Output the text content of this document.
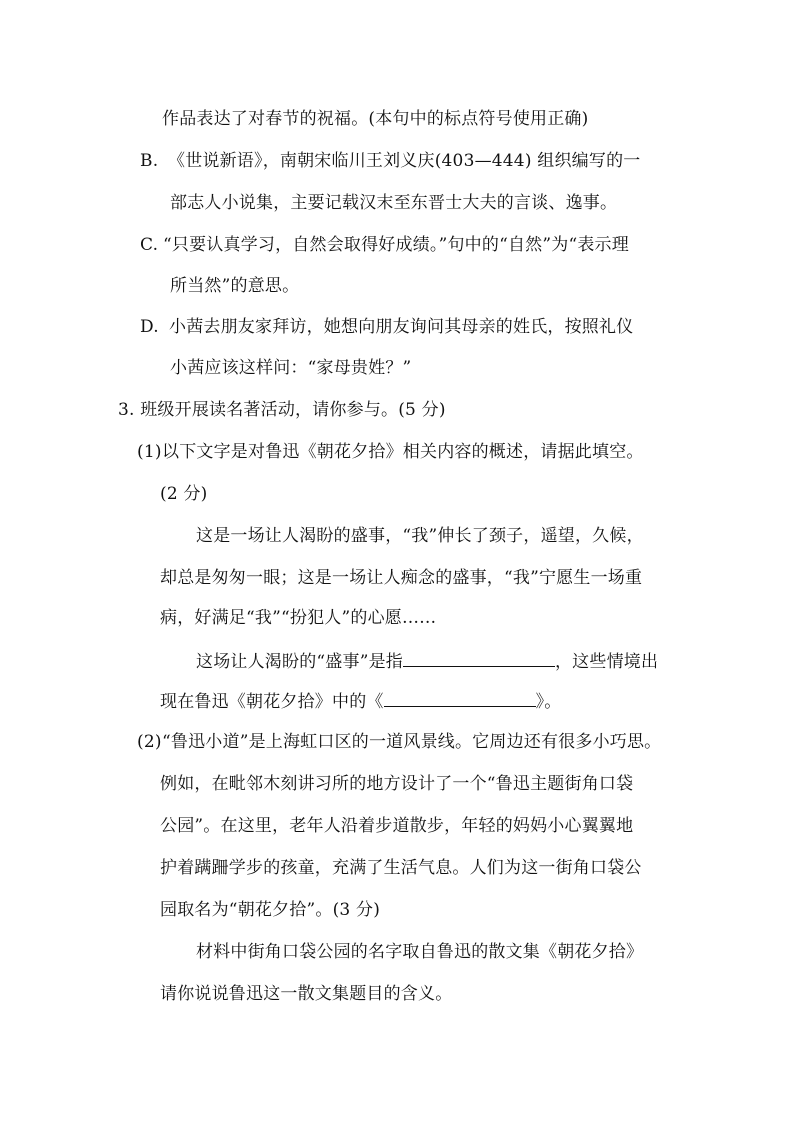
作品表达了对春节的祝福。(本句中的标点符号使用正确)
B. 《世说新语》，南朝宋临川王刘义庆(403—444) 组织编写的一
部志人小说集，主要记载汉末至东晋士大夫的言谈、逸事。
C. “只要认真学习，自然会取得好成绩。”句中的“自然”为“表示理
所当然”的意思。
D. 小茜去朋友家拜访，她想向朋友询问其母亲的姓氏，按照礼仪
小茜应该这样问：“家母贵姓？”
3. 班级开展读名著活动，请你参与。(5 分)
(1) 以下文字是对鲁迅《朝花夕拾》相关内容的概述，请据此填空。
(2 分)
这是一场让人渴盼的盛事，“我”伸长了颈子，遥望，久候，
却总是匆匆一眼；这是一场让人痴念的盛事，“我”宁愿生一场重
病，好满足“我”“扮犯人”的心愿……
这场让人渴盼的“盛事”是指	，这些情境出
现在鲁迅《朝花夕拾》中的《	》。
(2) “鲁迅小道”是上海虹口区的一道风景线。它周边还有很多小巧思。
例如，在毗邻木刻讲习所的地方设计了一个“鲁迅主题街角口袋
公园”。在这里，老年人沿着步道散步，年轻的妈妈小心翼翼地
护着蹒跚学步的孩童，充满了生活气息。人们为这一街角口袋公
园取名为“朝花夕拾”。(3 分)
材料中街角口袋公园的名字取自鲁迅的散文集《朝花夕拾》
请你说说鲁迅这一散文集题目的含义。
